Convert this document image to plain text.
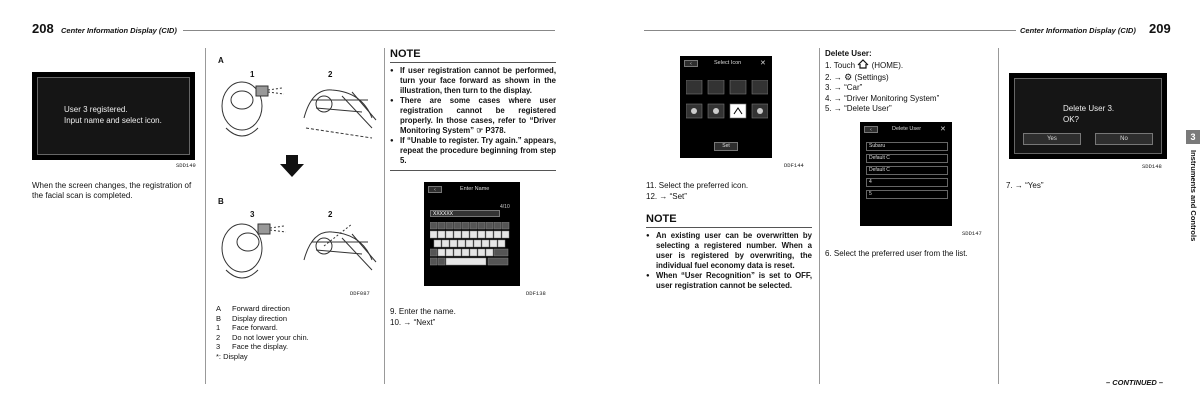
208 Center Information Display (CID)
User 3 registered.
Input name and select icon.
SDD149
When the screen changes, the registration of the facial scan is completed.
A
1	2
B
3	2
DDF087
A	Forward direction
B	Display direction
1	Face forward.
2	Do not lower your chin.
3	Face the display.
*: Display
NOTE
● If user registration cannot be performed, turn your face forward as shown in the illustration, then turn to the display.
● There are some cases where user registration cannot be registered properly. In those cases, refer to “Driver Monitoring System” ☞ P378.
● If “Unable to register. Try again.” appears, repeat the procedure beginning from step 5.
‹	Enter Name
4/10
XXXXXX
DDF138
9. Enter the name.
10. → “Next”
Center Information Display (CID) 209
‹	Select Icon	✕
Set
DDF144
11. Select the preferred icon.
12. → “Set”
NOTE
● An existing user can be overwritten by selecting a registered number. When a user is registered by overwriting, the individual fuel economy data is reset.
● When “User Recognition” is set to OFF, user registration cannot be selected.
Delete User:
1. Touch (HOME).
2. → ⚙ (Settings)
3. → “Car”
4. → “Driver Monitoring System”
5. → “Delete User”
‹	Delete User	✕
Subaru
Default C
Default C
4
5
SDD147
6. Select the preferred user from the list.
Delete User 3.
OK?
Yes	No
SDD148
7. → “Yes”
3
Instruments and Controls
– CONTINUED –
